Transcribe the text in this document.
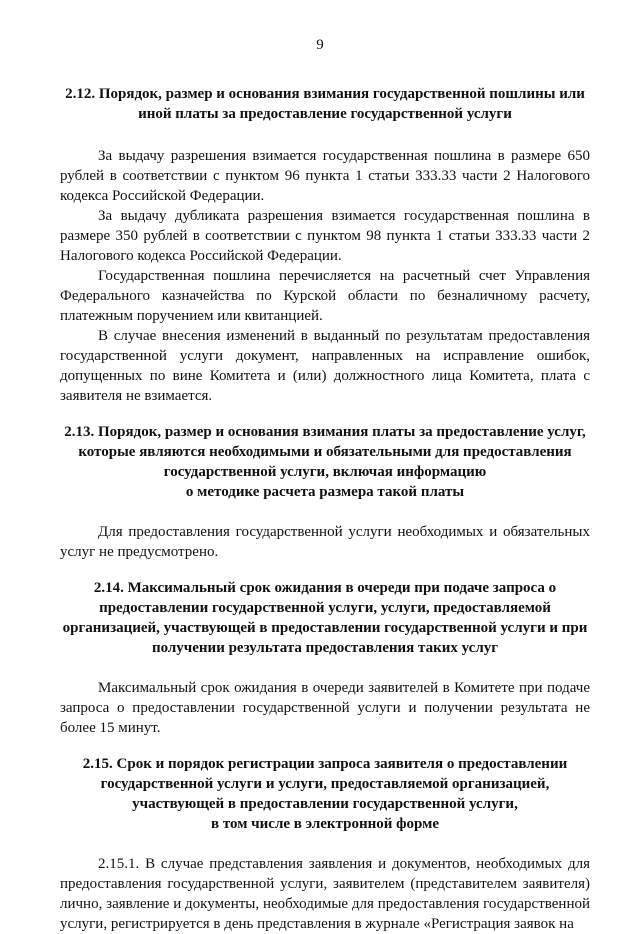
9

2.12. Порядок, размер и основания взимания государственной пошлины или иной платы за предоставление государственной услуги

За выдачу разрешения взимается государственная пошлина в размере 650 рублей в соответствии с пунктом 96 пункта 1 статьи 333.33 части 2 Налогового кодекса Российской Федерации.

За выдачу дубликата разрешения взимается государственная пошлина в размере 350 рублей в соответствии с пунктом 98 пункта 1 статьи 333.33 части 2 Налогового кодекса Российской Федерации.

Государственная пошлина перечисляется на расчетный счет Управления Федерального казначейства по Курской области по безналичному расчету, платежным поручением или квитанцией.

В случае внесения изменений в выданный по результатам предоставления государственной услуги документ, направленных на исправление ошибок, допущенных по вине Комитета и (или) должностного лица Комитета, плата с заявителя не взимается.

2.13. Порядок, размер и основания взимания платы за предоставление услуг,
которые являются необходимыми и обязательными для предоставления
государственной услуги, включая информацию
о методике расчета размера такой платы

Для предоставления государственной услуги необходимых и обязательных услуг не предусмотрено.

2.14. Максимальный срок ожидания в очереди при подаче запроса о
предоставлении государственной услуги, услуги, предоставляемой
организацией, участвующей в предоставлении государственной услуги и при
получении результата предоставления таких услуг

Максимальный срок ожидания в очереди заявителей в Комитете при подаче запроса о предоставлении государственной услуги и получении результата не более 15 минут.

2.15. Срок и порядок регистрации запроса заявителя о предоставлении
государственной услуги и услуги, предоставляемой организацией,
участвующей в предоставлении государственной услуги,
в том числе в электронной форме

2.15.1. В случае представления заявления и документов, необходимых для предоставления государственной услуги, заявителем (представителем заявителя) лично, заявление и документы, необходимые для предоставления государственной услуги, регистрируется в день представления в журнале «Регистрация заявок на
